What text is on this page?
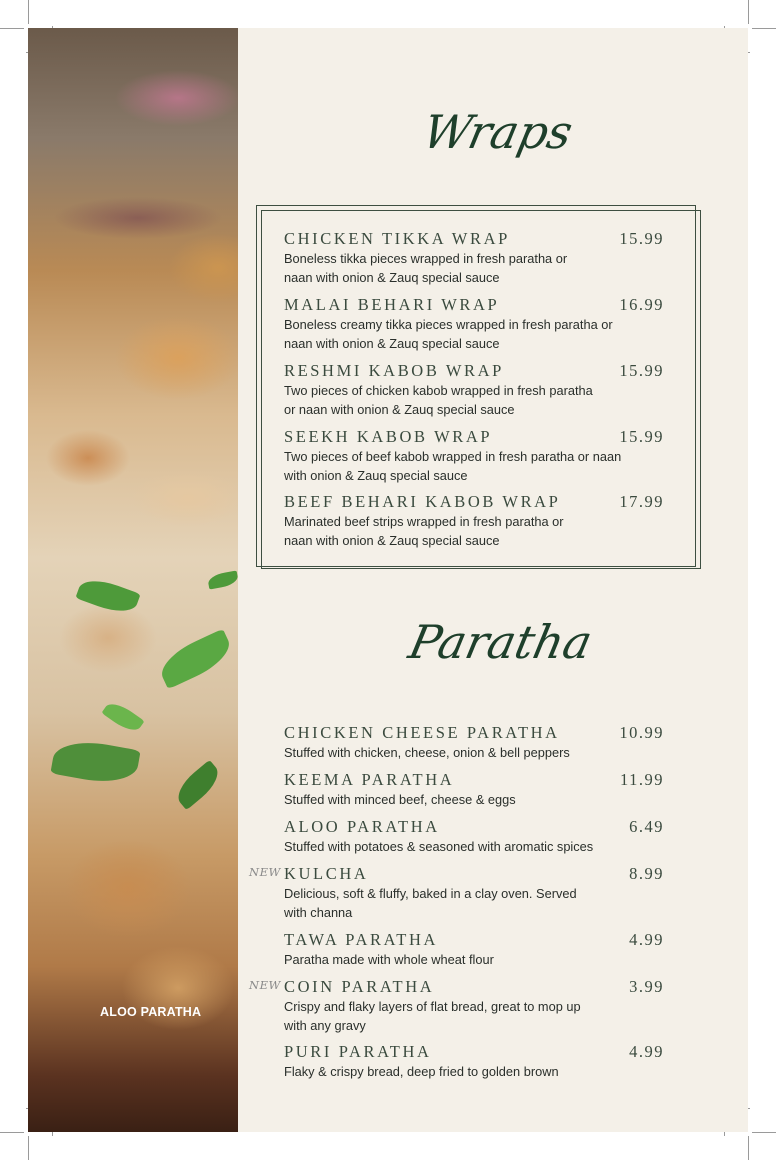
ALOO PARATHA
Wraps
CHICKEN TIKKA WRAP	15.99
Boneless tikka pieces wrapped in fresh paratha or
naan with onion & Zauq special sauce
MALAI BEHARI WRAP	16.99
Boneless creamy tikka pieces wrapped in fresh paratha or
naan with onion & Zauq special sauce
RESHMI KABOB WRAP	15.99
Two pieces of chicken kabob wrapped in fresh paratha
or naan with onion & Zauq special sauce
SEEKH KABOB WRAP	15.99
Two pieces of beef kabob wrapped in fresh paratha or naan
with onion & Zauq special sauce
BEEF BEHARI KABOB WRAP	17.99
Marinated beef strips wrapped in fresh paratha or
naan with onion & Zauq special sauce
Paratha
CHICKEN CHEESE PARATHA	10.99
Stuffed with chicken, cheese, onion & bell peppers
KEEMA PARATHA	11.99
Stuffed with minced beef, cheese & eggs
ALOO PARATHA	6.49
Stuffed with potatoes & seasoned with aromatic spices
NEW KULCHA	8.99
Delicious, soft & fluffy, baked in a clay oven. Served
with channa
TAWA PARATHA	4.99
Paratha made with whole wheat flour
NEW COIN PARATHA	3.99
Crispy and flaky layers of flat bread, great to mop up
with any gravy
PURI PARATHA	4.99
Flaky & crispy bread, deep fried to golden brown
